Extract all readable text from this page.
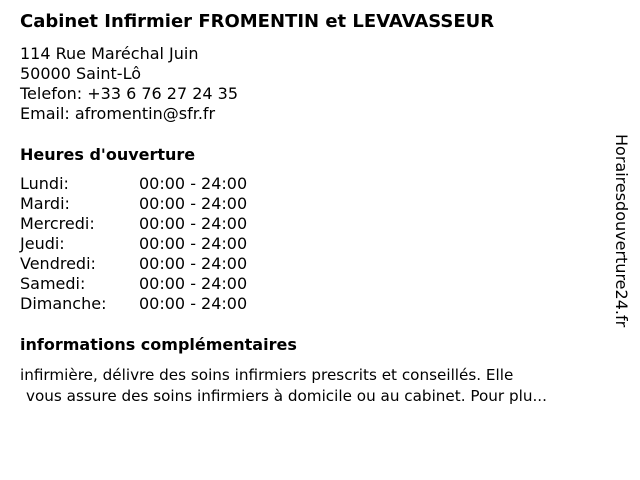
Cabinet Infirmier FROMENTIN et LEVAVASSEUR
114 Rue Maréchal Juin
50000 Saint-Lô
Telefon: +33 6 76 27 24 35
Email: afromentin@sfr.fr
Heures d'ouverture
Lundi:	00:00 - 24:00
Mardi:	00:00 - 24:00
Mercredi:	00:00 - 24:00
Jeudi:	00:00 - 24:00
Vendredi:	00:00 - 24:00
Samedi:	00:00 - 24:00
Dimanche: 00:00 - 24:00
informations complémentaires
infirmière, délivre des soins infirmiers prescrits et conseillés. Elle
vous assure des soins infirmiers à domicile ou au cabinet. Pour plu...
Horairesdouverture24.fr
